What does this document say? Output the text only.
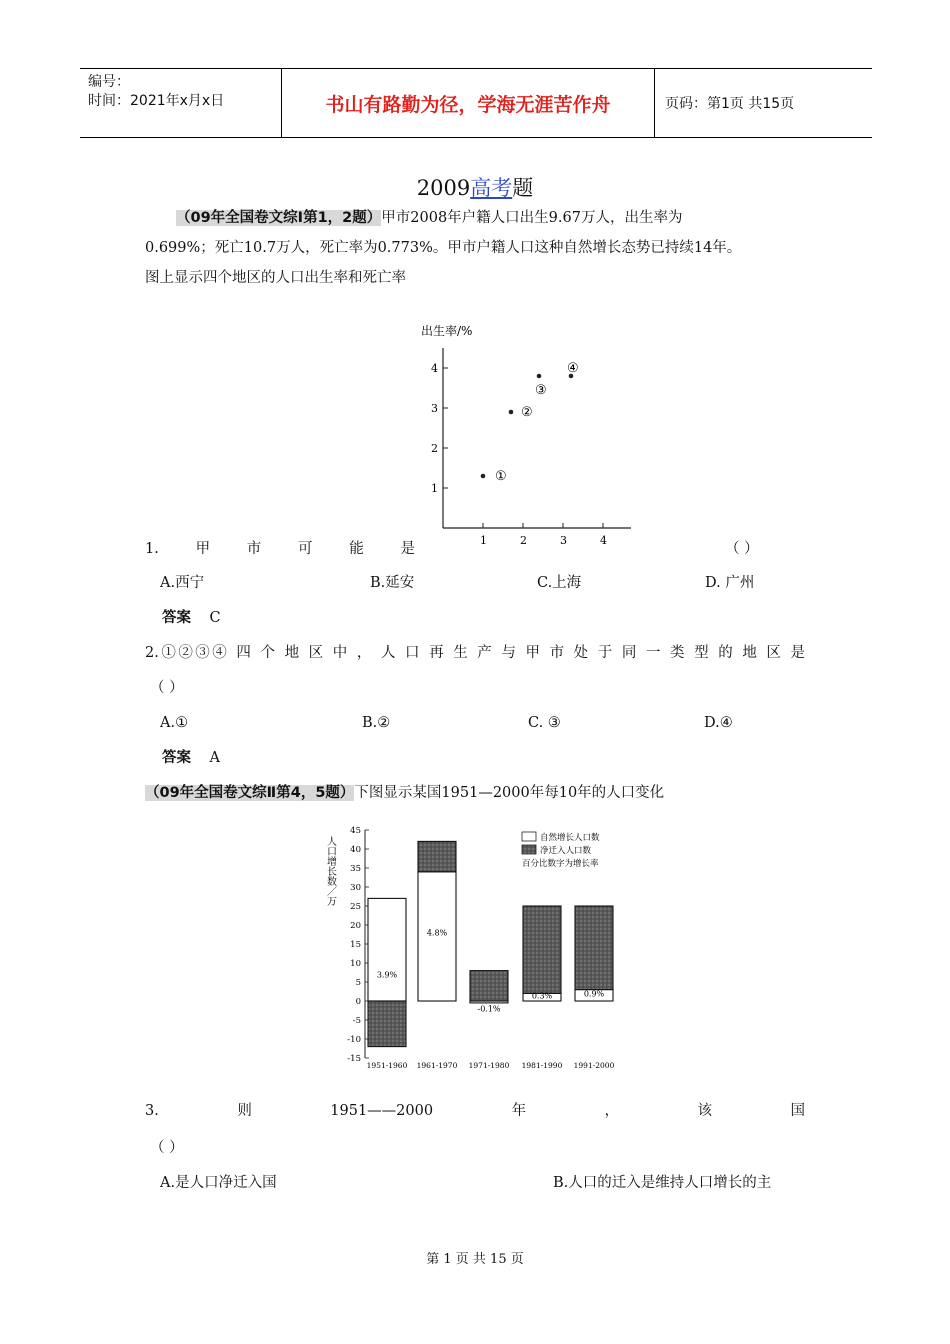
编号：
时间：2021年x月x日	书山有路勤为径，学海无涯苦作舟	页码：第1页 共15页
2009高考题
（09年全国卷文综Ⅰ第1，2题）甲市2008年户籍人口出生9.67万人，出生率为
0.699%；死亡10.7万人，死亡率为0.773%。甲市户籍人口这种自然增长态势已持续14年。
图上显示四个地区的人口出生率和死亡率
出生率/%
1
2
3
4
1	2	3	4
①
②
③
④
1.	甲	市	可	能	是	（ ）
A.西宁	B.延安	C.上海	D. 广州
答案 C
2.①②③④ 四 个 地 区 中 ， 人 口 再 生 产 与 甲 市 处 于 同 一 类 型 的 地 区 是
（ ）
A.①	B.②	C. ③	D.④
答案 A
（09年全国卷文综Ⅱ第4，5题）下图显示某国1951—2000年每10年的人口变化
人口增长数／万
45
40
35
30
25
20
15
10
5
0
-5
-10
-15
3.9%
1951-1960
4.8%
1961-1970
-0.1%
1971-1980
0.3%
1981-1990
0.9%
1991-2000
自然增长人口数
净迁入人口数
百分比数字为增长率
3.	则	1951——2000	年	，	该	国
（ ）
A.是人口净迁入国	B.人口的迁入是维持人口增长的主
第 1 页 共 15 页
